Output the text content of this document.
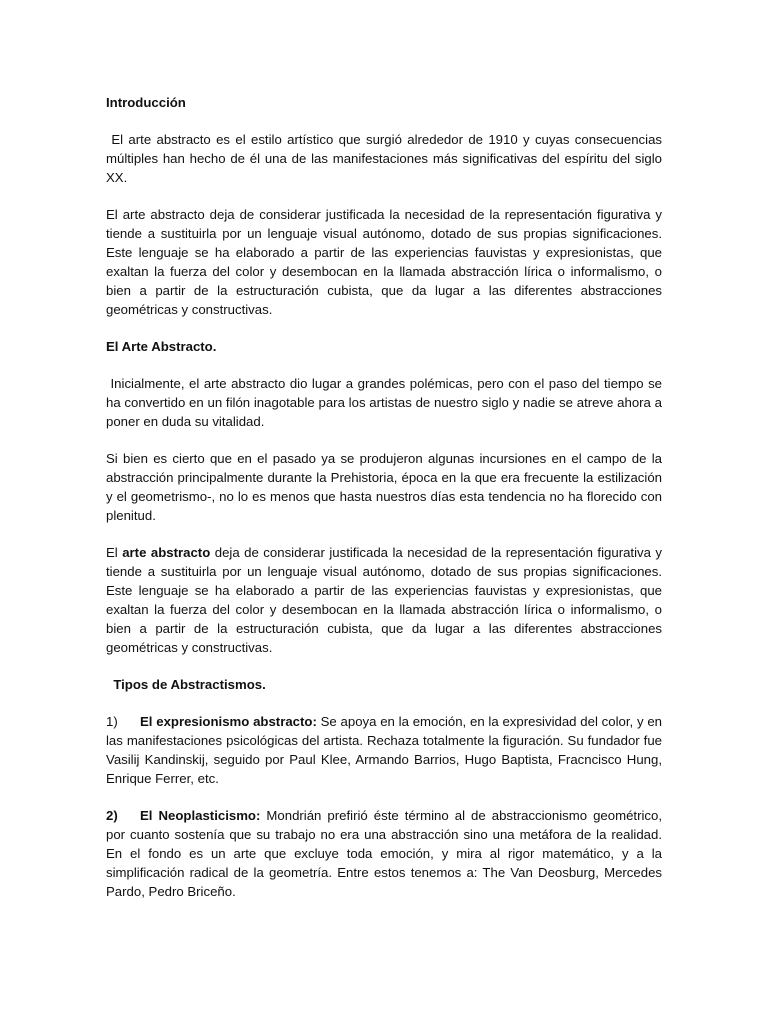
Introducción

El arte abstracto es el estilo artístico que surgió alrededor de 1910 y cuyas consecuencias múltiples han hecho de él una de las manifestaciones más significativas del espíritu del siglo XX.

El arte abstracto deja de considerar justificada la necesidad de la representación figurativa y tiende a sustituirla por un lenguaje visual autónomo, dotado de sus propias significaciones. Este lenguaje se ha elaborado a partir de las experiencias fauvistas y expresionistas, que exaltan la fuerza del color y desembocan en la llamada abstracción lírica o informalismo, o bien a partir de la estructuración cubista, que da lugar a las diferentes abstracciones geométricas y constructivas.

El Arte Abstracto.

Inicialmente, el arte abstracto dio lugar a grandes polémicas, pero con el paso del tiempo se ha convertido en un filón inagotable para los artistas de nuestro siglo y nadie se atreve ahora a poner en duda su vitalidad.

Si bien es cierto que en el pasado ya se produjeron algunas incursiones en el campo de la abstracción principalmente durante la Prehistoria, época en la que era frecuente la estilización y el geometrismo-, no lo es menos que hasta nuestros días esta tendencia no ha florecido con plenitud.

El arte abstracto deja de considerar justificada la necesidad de la representación figurativa y tiende a sustituirla por un lenguaje visual autónomo, dotado de sus propias significaciones. Este lenguaje se ha elaborado a partir de las experiencias fauvistas y expresionistas, que exaltan la fuerza del color y desembocan en la llamada abstracción lírica o informalismo, o bien a partir de la estructuración cubista, que da lugar a las diferentes abstracciones geométricas y constructivas.

Tipos de Abstractismos.

1) El expresionismo abstracto: Se apoya en la emoción, en la expresividad del color, y en las manifestaciones psicológicas del artista. Rechaza totalmente la figuración. Su fundador fue Vasilij Kandinskij, seguido por Paul Klee, Armando Barrios, Hugo Baptista, Fracncisco Hung, Enrique Ferrer, etc.

2) El Neoplasticismo: Mondrián prefirió éste término al de abstraccionismo geométrico, por cuanto sostenía que su trabajo no era una abstracción sino una metáfora de la realidad. En el fondo es un arte que excluye toda emoción, y mira al rigor matemático, y a la simplificación radical de la geometría. Entre estos tenemos a: The Van Deosburg, Mercedes Pardo, Pedro Briceño.
